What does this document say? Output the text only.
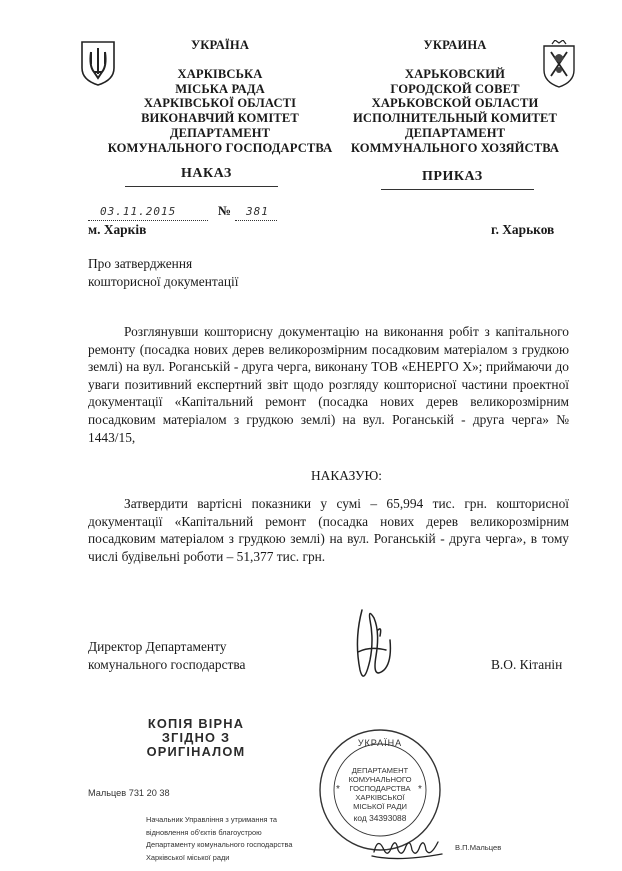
УКРАЇНА
ХАРКІВСЬКА
МІСЬКА РАДА
ХАРКІВСЬКОЇ ОБЛАСТІ
ВИКОНАВЧИЙ КОМІТЕТ
ДЕПАРТАМЕНТ
КОМУНАЛЬНОГО ГОСПОДАРСТВА
УКРАИНА
ХАРЬКОВСКИЙ
ГОРОДСКОЙ СОВЕТ
ХАРЬКОВСКОЙ ОБЛАСТИ
ИСПОЛНИТЕЛЬНЫЙ КОМИТЕТ
ДЕПАРТАМЕНТ
КОММУНАЛЬНОГО ХОЗЯЙСТВА
НАКАЗ	ПРИКАЗ
03.11.2015	№ 381
м. Харків	г. Харьков
Про затвердження
кошторисної документації
Розглянувши кошторисну документацію на виконання робіт з капітального ремонту (посадка нових дерев великорозмірним посадковим матеріалом з грудкою землі) на вул. Роганській - друга черга, виконану ТОВ «ЕНЕРГО Х»; приймаючи до уваги позитивний експертний звіт щодо розгляду кошторисної частини проектної документації «Капітальний ремонт (посадка нових дерев великорозмірним посадковим матеріалом з грудкою землі) на вул. Роганській - друга черга» № 1443/15,
НАКАЗУЮ:
Затвердити вартісні показники у сумі – 65,994 тис. грн. кошторисної документації «Капітальний ремонт (посадка нових дерев великорозмірним посадковим матеріалом з грудкою землі) на вул. Роганській - друга черга», в тому числі будівельні роботи – 51,377 тис. грн.
Директор Департаменту
комунального господарства	В.О. Кітанін
КОПІЯ ВІРНА
ЗГІДНО З
ОРИГІНАЛОМ
УКРАЇНА
*	*
ДЕПАРТАМЕНТ
КОМУНАЛЬНОГО
ГОСПОДАРСТВА
ХАРКІВСЬКОЇ
МІСЬКОЇ РАДИ
код 34393088
Мальцев 731 20 38
Начальник Управління з утримання та
відновлення об'єктів благоустрою
Департаменту комунального господарства
Харківської міської ради
В.П.Мальцев
